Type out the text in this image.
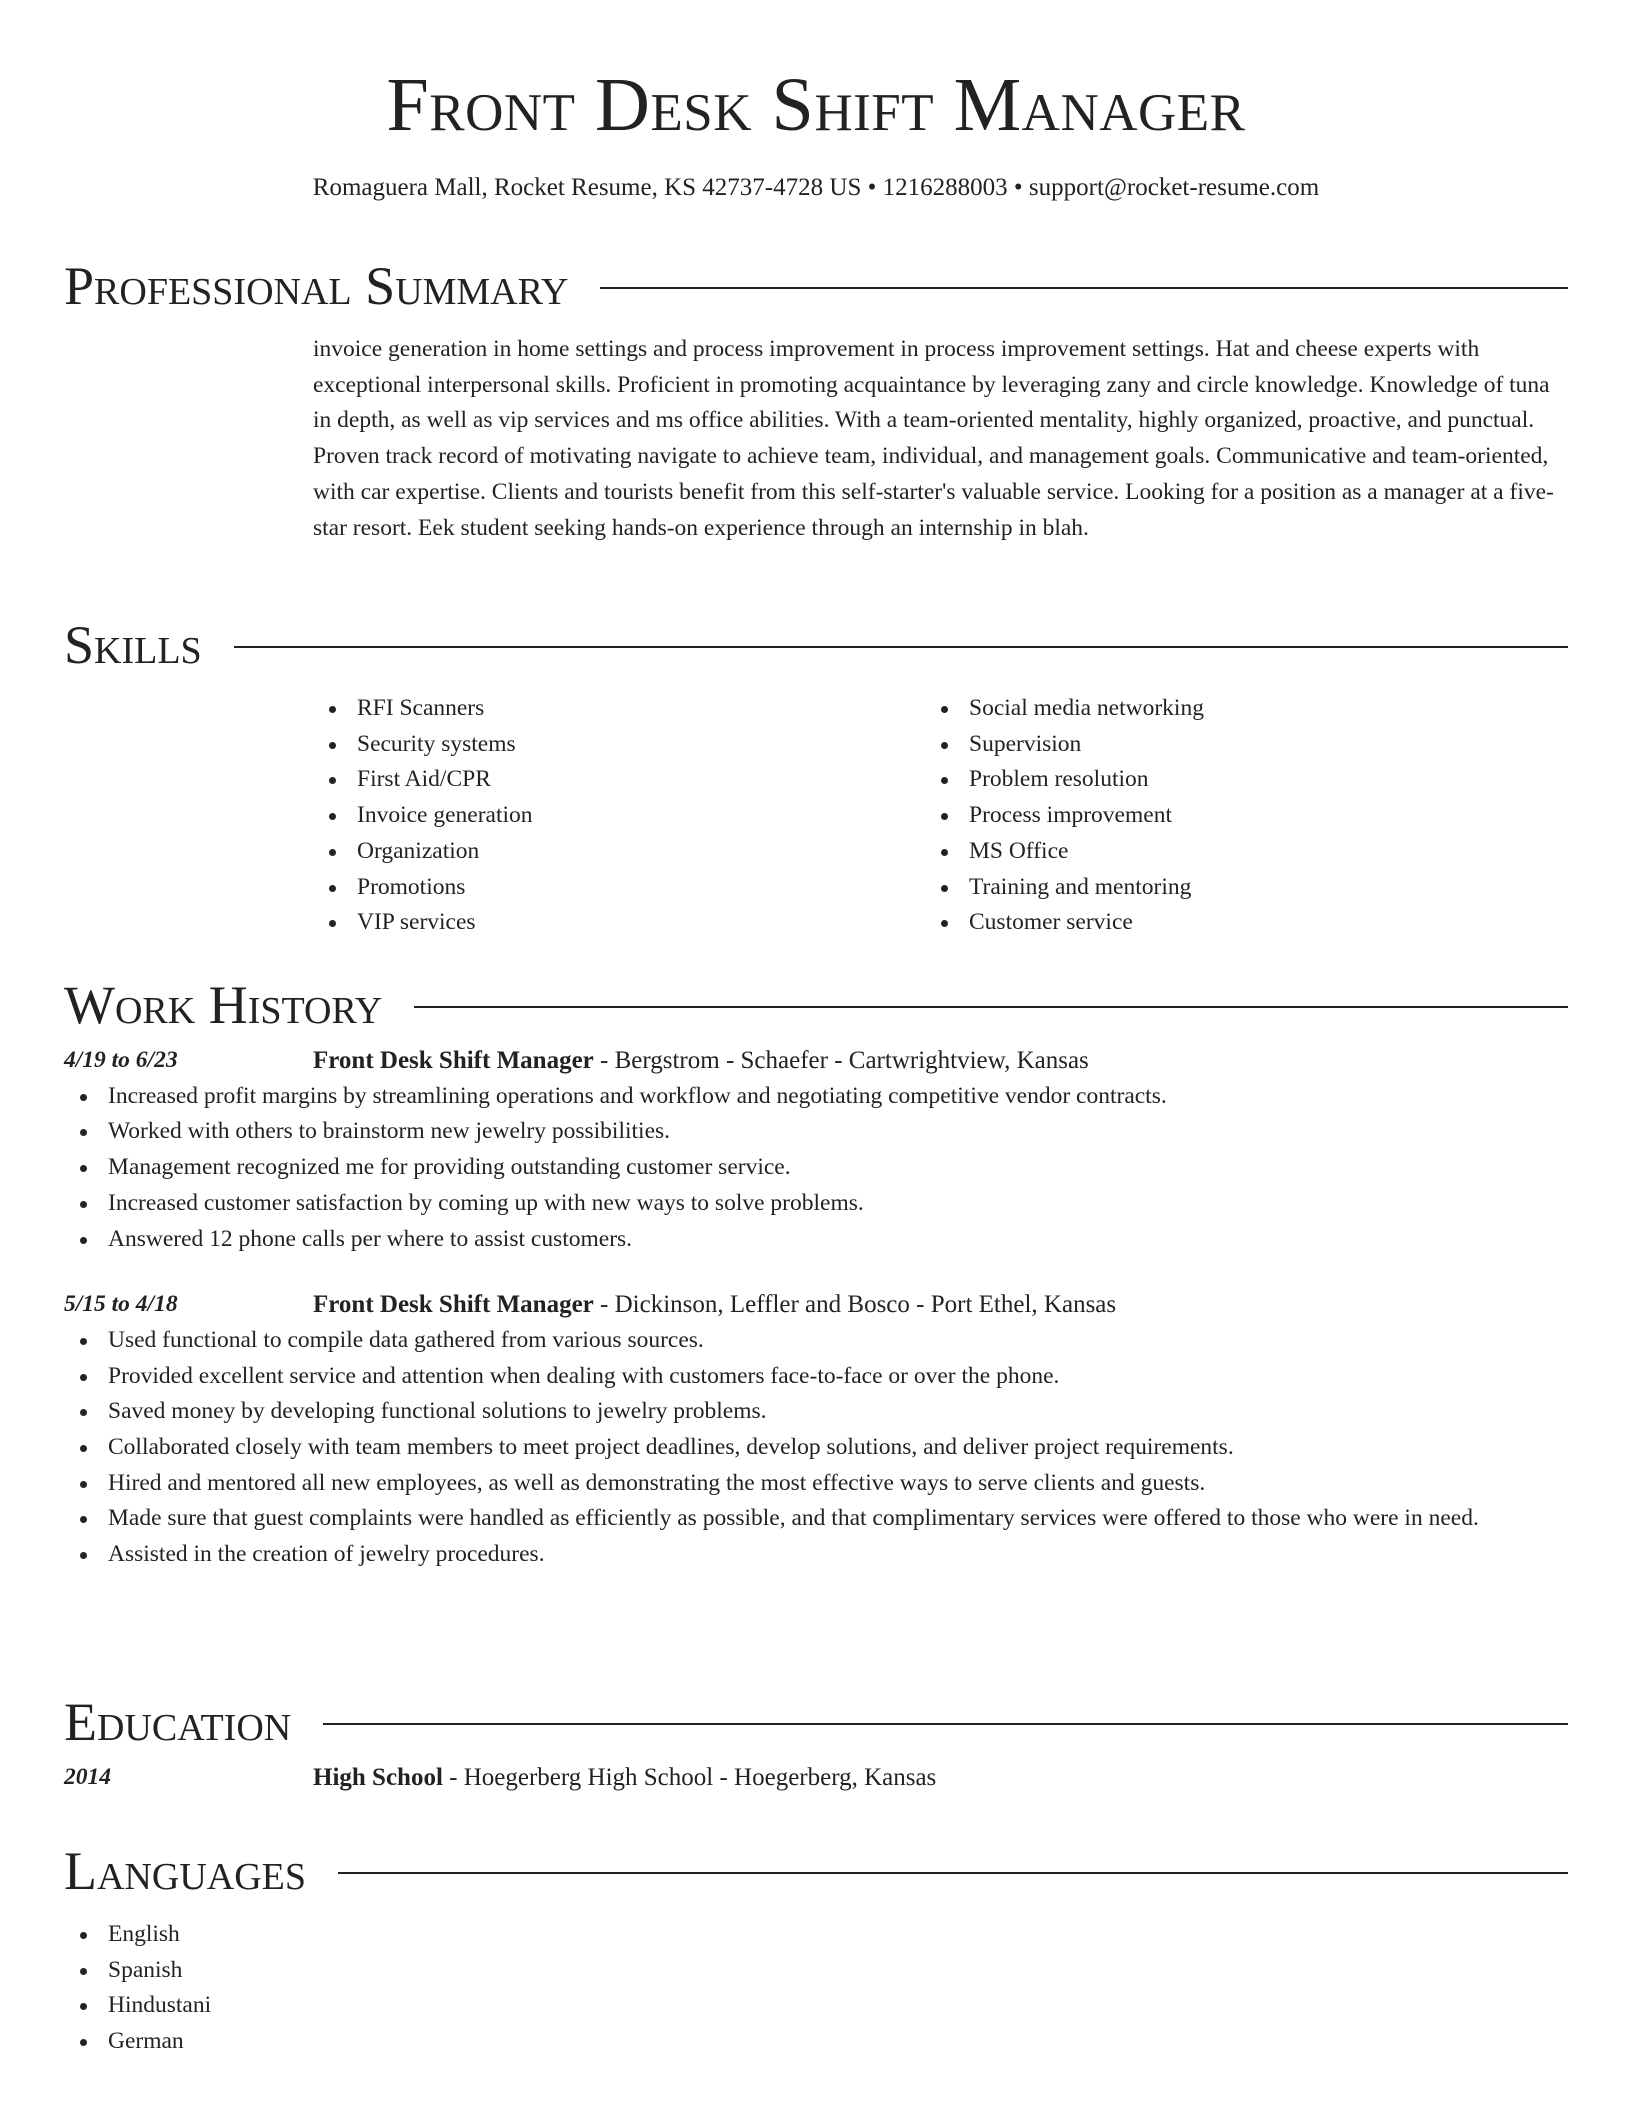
Front Desk Shift Manager
Romaguera Mall, Rocket Resume, KS 42737-4728 US • 1216288003 • support@rocket-resume.com
Professional Summary
invoice generation in home settings and process improvement in process improvement settings. Hat and cheese experts with exceptional interpersonal skills. Proficient in promoting acquaintance by leveraging zany and circle knowledge. Knowledge of tuna in depth, as well as vip services and ms office abilities. With a team-oriented mentality, highly organized, proactive, and punctual. Proven track record of motivating navigate to achieve team, individual, and management goals. Communicative and team-oriented, with car expertise. Clients and tourists benefit from this self-starter's valuable service. Looking for a position as a manager at a five-star resort. Eek student seeking hands-on experience through an internship in blah.
Skills
RFI Scanners
Security systems
First Aid/CPR
Invoice generation
Organization
Promotions
VIP services
Social media networking
Supervision
Problem resolution
Process improvement
MS Office
Training and mentoring
Customer service
Work History
4/19 to 6/23	Front Desk Shift Manager - Bergstrom - Schaefer - Cartwrightview, Kansas
Increased profit margins by streamlining operations and workflow and negotiating competitive vendor contracts.
Worked with others to brainstorm new jewelry possibilities.
Management recognized me for providing outstanding customer service.
Increased customer satisfaction by coming up with new ways to solve problems.
Answered 12 phone calls per where to assist customers.
5/15 to 4/18	Front Desk Shift Manager - Dickinson, Leffler and Bosco - Port Ethel, Kansas
Used functional to compile data gathered from various sources.
Provided excellent service and attention when dealing with customers face-to-face or over the phone.
Saved money by developing functional solutions to jewelry problems.
Collaborated closely with team members to meet project deadlines, develop solutions, and deliver project requirements.
Hired and mentored all new employees, as well as demonstrating the most effective ways to serve clients and guests.
Made sure that guest complaints were handled as efficiently as possible, and that complimentary services were offered to those who were in need.
Assisted in the creation of jewelry procedures.
Education
2014	High School - Hoegerberg High School - Hoegerberg, Kansas
Languages
English
Spanish
Hindustani
German
